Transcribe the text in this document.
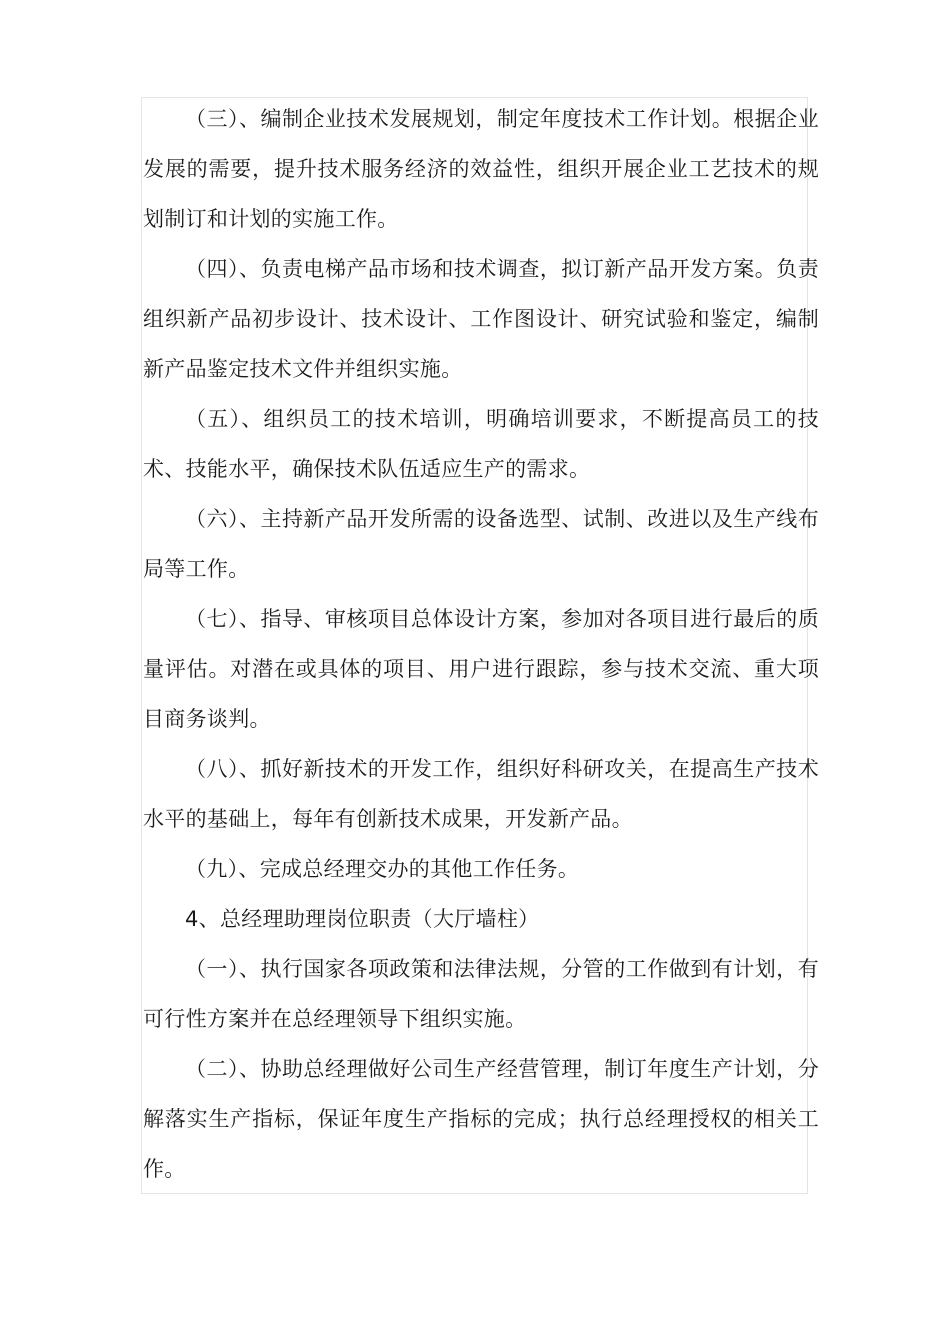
（三）、编制企业技术发展规划，制定年度技术工作计划。根据企业发展的需要，提升技术服务经济的效益性，组织开展企业工艺技术的规划制订和计划的实施工作。

（四）、负责电梯产品市场和技术调查，拟订新产品开发方案。负责组织新产品初步设计、技术设计、工作图设计、研究试验和鉴定，编制新产品鉴定技术文件并组织实施。

（五）、组织员工的技术培训，明确培训要求，不断提高员工的技术、技能水平，确保技术队伍适应生产的需求。

（六）、主持新产品开发所需的设备选型、试制、改进以及生产线布局等工作。

（七）、指导、审核项目总体设计方案，参加对各项目进行最后的质量评估。对潜在或具体的项目、用户进行跟踪，参与技术交流、重大项目商务谈判。

（八）、抓好新技术的开发工作，组织好科研攻关，在提高生产技术水平的基础上，每年有创新技术成果，开发新产品。

（九）、完成总经理交办的其他工作任务。

4、总经理助理岗位职责（大厅墙柱）

（一）、执行国家各项政策和法律法规，分管的工作做到有计划，有可行性方案并在总经理领导下组织实施。

（二）、协助总经理做好公司生产经营管理，制订年度生产计划，分解落实生产指标，保证年度生产指标的完成；执行总经理授权的相关工作。
